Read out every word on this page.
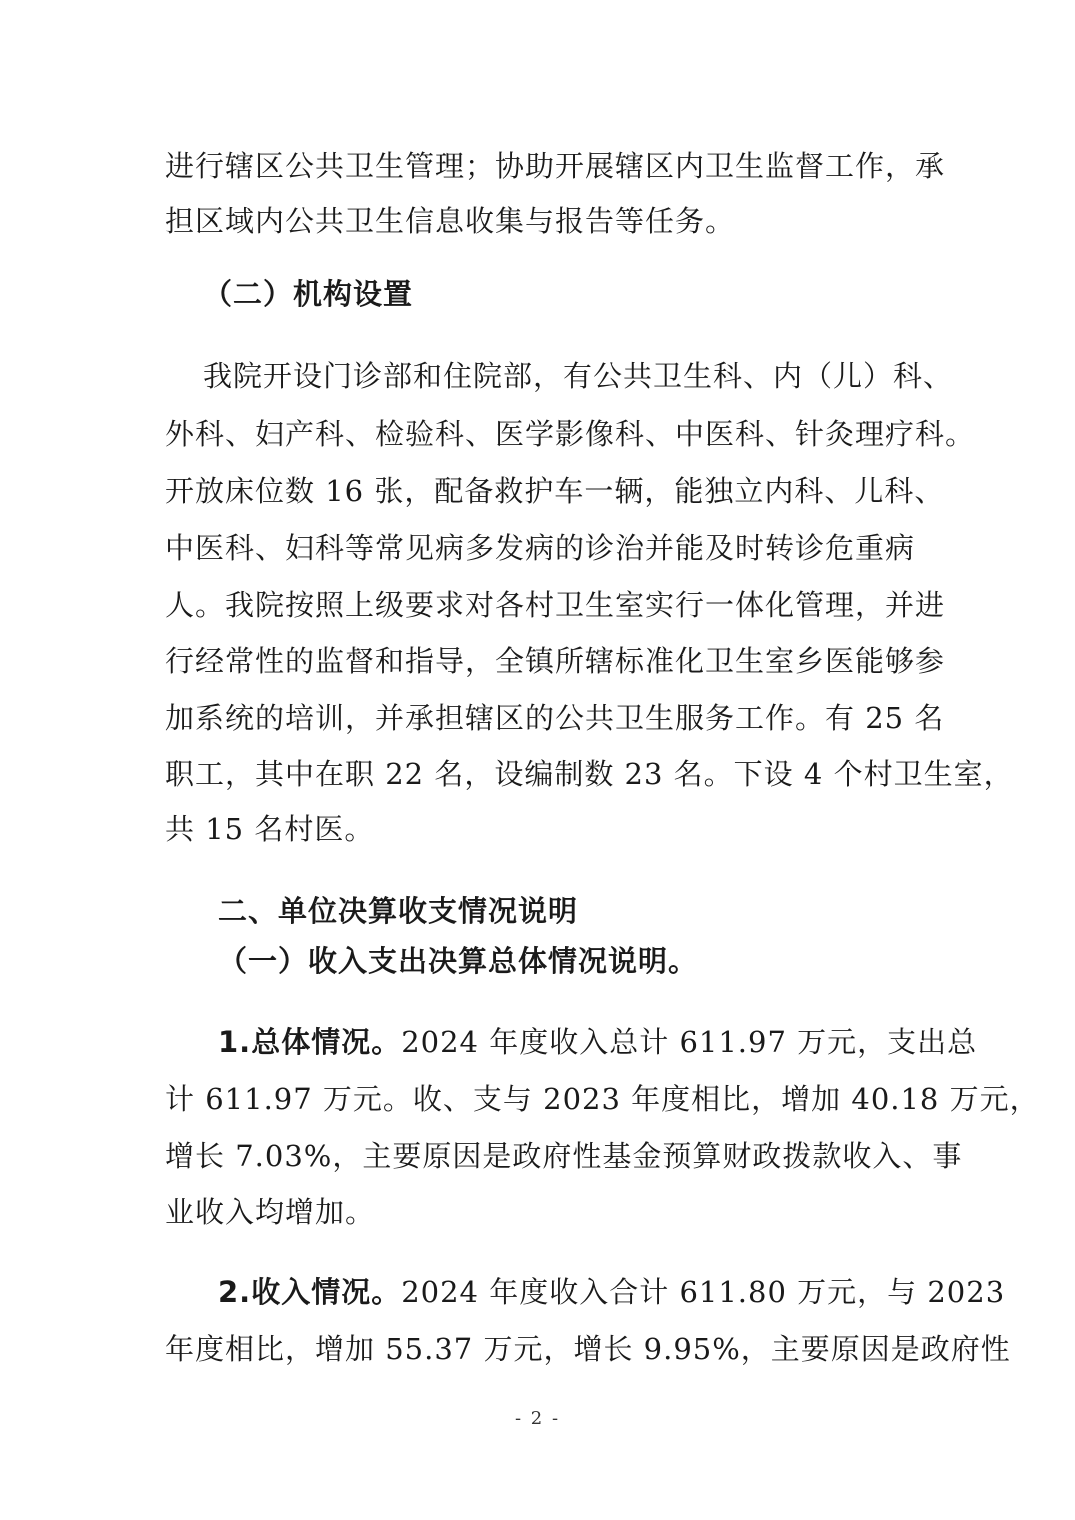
进行辖区公共卫生管理；协助开展辖区内卫生监督工作，承
担区域内公共卫生信息收集与报告等任务。
（二）机构设置
我院开设门诊部和住院部，有公共卫生科、内（儿）科、
外科、妇产科、检验科、医学影像科、中医科、针灸理疗科。
开放床位数 16 张，配备救护车一辆，能独立内科、儿科、
中医科、妇科等常见病多发病的诊治并能及时转诊危重病
人。我院按照上级要求对各村卫生室实行一体化管理，并进
行经常性的监督和指导，全镇所辖标准化卫生室乡医能够参
加系统的培训，并承担辖区的公共卫生服务工作。有 25 名
职工，其中在职 22 名，设编制数 23 名。下设 4 个村卫生室，
共 15 名村医。
二、单位决算收支情况说明
（一）收入支出决算总体情况说明。
1.总体情况。2024 年度收入总计 611.97 万元，支出总
计 611.97 万元。收、支与 2023 年度相比，增加 40.18 万元，
增长 7.03%，主要原因是政府性基金预算财政拨款收入、事
业收入均增加。
2.收入情况。2024 年度收入合计 611.80 万元，与 2023
年度相比，增加 55.37 万元，增长 9.95%，主要原因是政府性
- 2 -
